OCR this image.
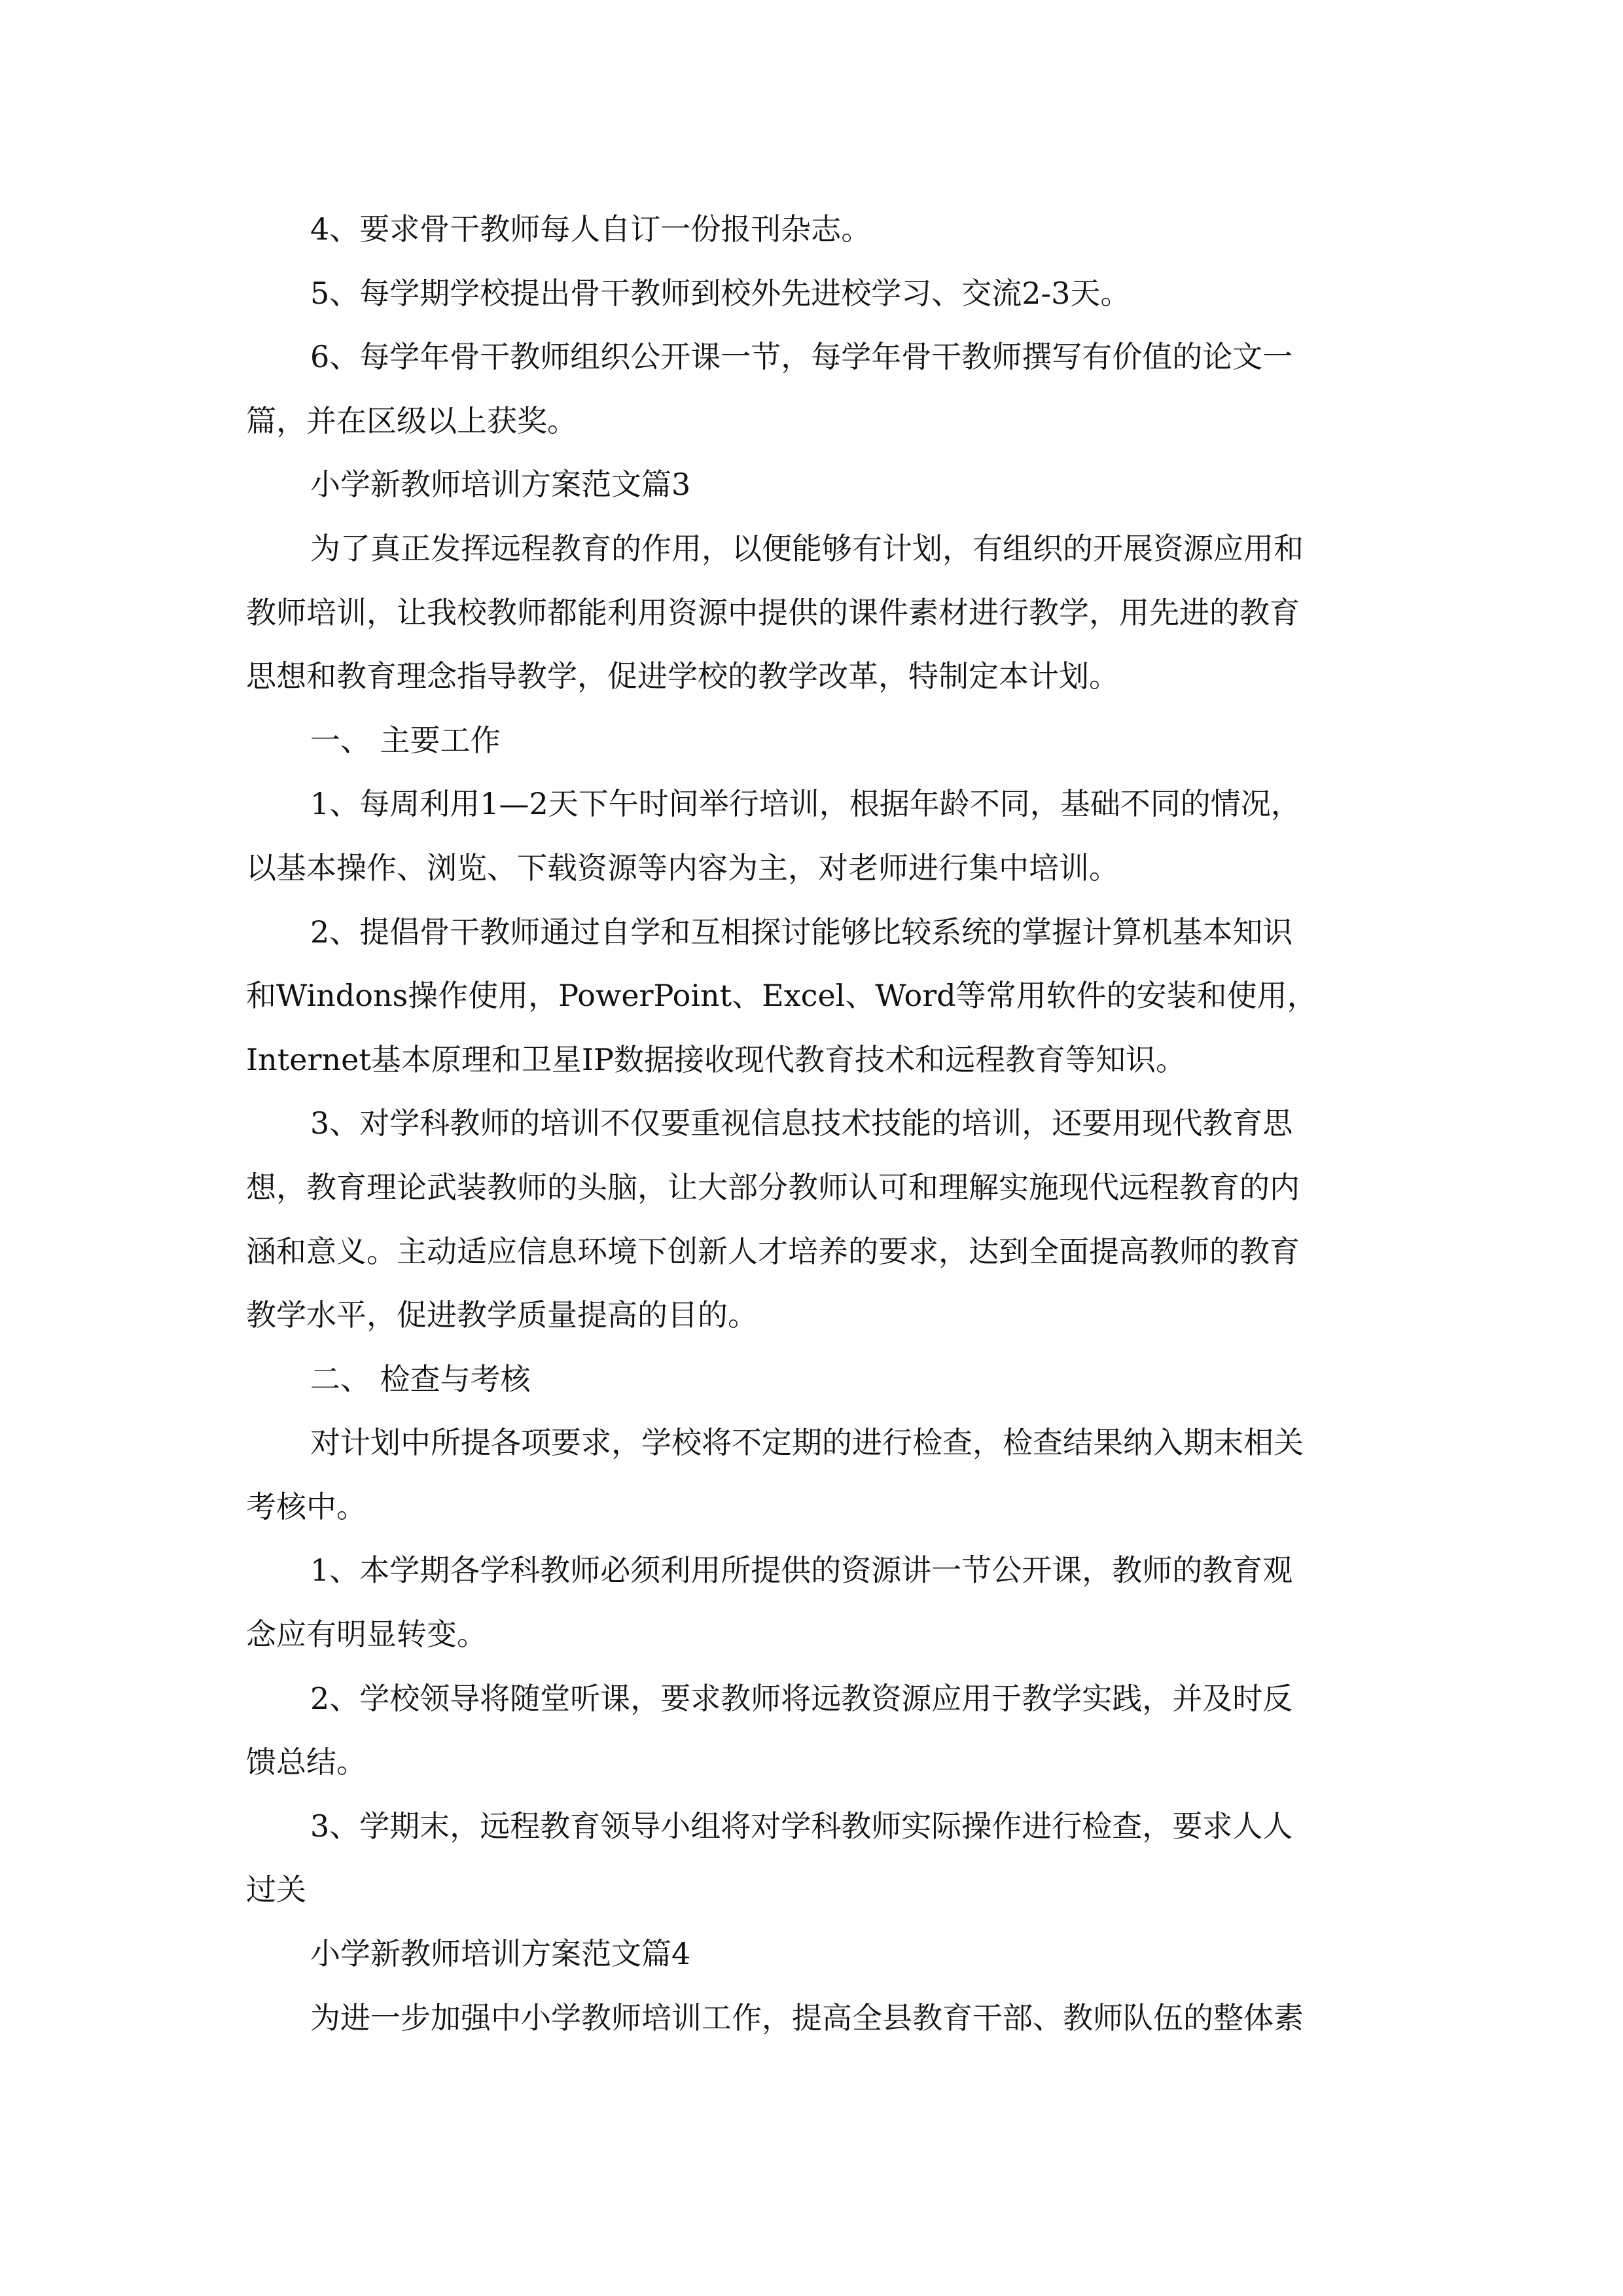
4、要求骨干教师每人自订一份报刊杂志。
5、每学期学校提出骨干教师到校外先进校学习、交流2-3天。
6、每学年骨干教师组织公开课一节，每学年骨干教师撰写有价值的论文一
篇，并在区级以上获奖。
小学新教师培训方案范文篇3
为了真正发挥远程教育的作用，以便能够有计划，有组织的开展资源应用和
教师培训，让我校教师都能利用资源中提供的课件素材进行教学，用先进的教育
思想和教育理念指导教学，促进学校的教学改革，特制定本计划。
一、 主要工作
1、每周利用1—2天下午时间举行培训，根据年龄不同，基础不同的情况，
以基本操作、浏览、下载资源等内容为主，对老师进行集中培训。
2、提倡骨干教师通过自学和互相探讨能够比较系统的掌握计算机基本知识
和Windons操作使用，PowerPoint、Excel、Word等常用软件的安装和使用，
Internet基本原理和卫星IP数据接收现代教育技术和远程教育等知识。
3、对学科教师的培训不仅要重视信息技术技能的培训，还要用现代教育思
想，教育理论武装教师的头脑，让大部分教师认可和理解实施现代远程教育的内
涵和意义。主动适应信息环境下创新人才培养的要求，达到全面提高教师的教育
教学水平，促进教学质量提高的目的。
二、 检查与考核
对计划中所提各项要求，学校将不定期的进行检查，检查结果纳入期末相关
考核中。
1、本学期各学科教师必须利用所提供的资源讲一节公开课，教师的教育观
念应有明显转变。
2、学校领导将随堂听课，要求教师将远教资源应用于教学实践，并及时反
馈总结。
3、学期末，远程教育领导小组将对学科教师实际操作进行检查，要求人人
过关
小学新教师培训方案范文篇4
为进一步加强中小学教师培训工作，提高全县教育干部、教师队伍的整体素
